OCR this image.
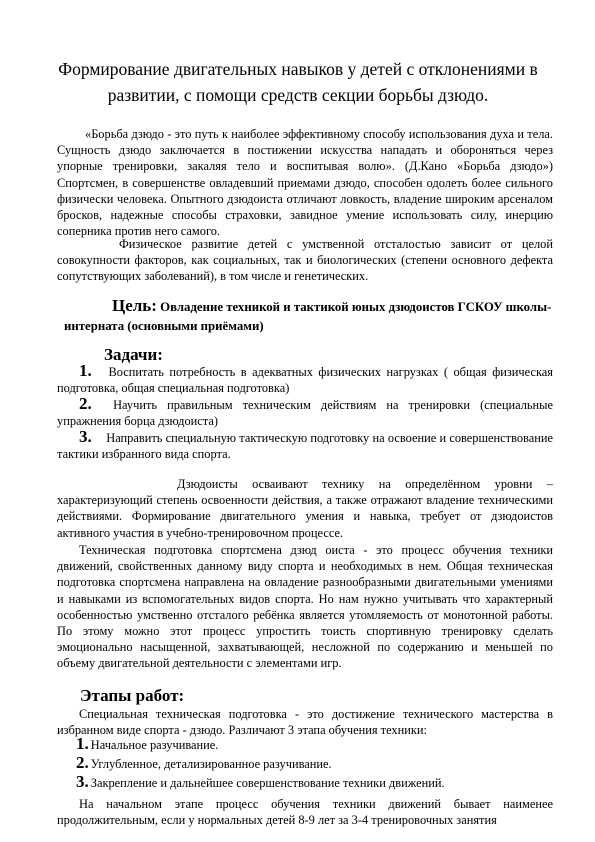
Формирование двигательных навыков у детей с отклонениями в развитии, с помощи средств секции борьбы дзюдо.
«Борьба дзюдо - это путь к наиболее эффективному способу использования духа и тела. Сущность дзюдо заключается в постижении искусства нападать и обороняться через упорные тренировки, закаляя тело и воспитывая волю». (Д.Кано «Борьба дзюдо») Спортсмен, в совершенстве овладевший приемами дзюдо, способен одолеть более сильного физически человека. Опытного дзюдоиста отличают ловкость, владение широким арсеналом бросков, надежные способы страховки, завидное умение использовать силу, инерцию соперника против него самого.
Физическое развитие детей с умственной отсталостью зависит от целой совокупности факторов, как социальных, так и биологических (степени основного дефекта сопутствующих заболеваний), в том числе и генетических.
Цель: Овладение техникой и тактикой юных дзюдоистов ГСКОУ школы-интерната (основными приёмами)
Задачи:
1. Воспитать потребность в адекватных физических нагрузках ( общая физическая подготовка, общая специальная подготовка)
2. Научить правильным техническим действиям на тренировки (специальные упражнения борца дзюдоиста)
3. Направить специальную тактическую подготовку на освоение и совершенствование тактики избранного вида спорта.
Дзюдоисты осваивают технику на определённом уровни – характеризующий степень освоенности действия, а также отражают владение техническими действиями. Формирование двигательного умения и навыка, требует от дзюдоистов активного участия в учебно-тренировочном процессе.
Техническая подготовка спортсмена дзюд оиста - это процесс обучения техники движений, свойственных данному виду спорта и необходимых в нем. Общая техническая подготовка спортсмена направлена на овладение разнообразными двигательными умениями и навыками из вспомогательных видов спорта. Но нам нужно учитывать что характерный особенностью умственно отсталого ребёнка является утомляемость от монотонной работы. По этому можно этот процесс упростить тоисть спортивную тренировку сделать эмоционально насыщенной, захватывающей, несложной по содержанию и меньшей по объему двигательной деятельности с элементами игр.
Этапы работ:
Специальная техническая подготовка - это достижение технического мастерства в избранном виде спорта - дзюдо. Различают 3 этапа обучения техники:
1. Начальное разучивание.
2. Углубленное, детализированное разучивание.
3. Закрепление и дальнейшее совершенствование техники движений.
На начальном этапе процесс обучения техники движений бывает наименее продолжительным, если у нормальных детей 8-9 лет за 3-4 тренировочных занятия
